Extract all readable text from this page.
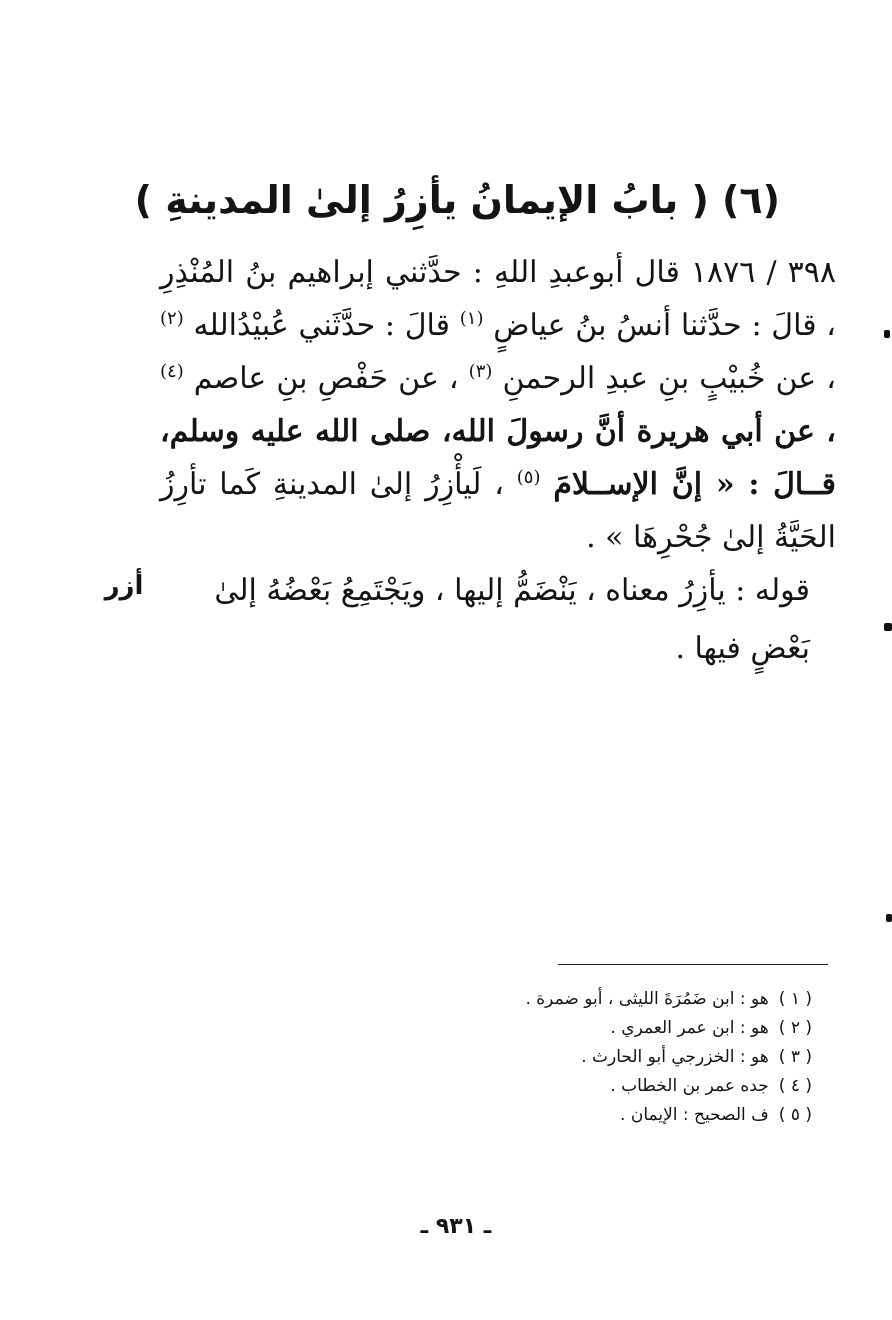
(٦) ( بابُ الإيمانُ يأزِرُ إلىٰ المدينةِ )

٣٩٨ / ١٨٧٦ قال أبوعبدِ اللهِ : حدَّثني إبراهيم بنُ المُنْذِرِ ، قالَ : حدَّثنا أنسُ بنُ عياضٍ $^{(١)}$ قالَ : حدَّثَني عُبيْدُالله $^{(٢)}$ ، عن خُبيْبٍ بنِ عبدِ الرحمنِ $^{(٣)}$ ، عن حَفْصِ بنِ عاصم $^{(٤)}$ ، عن أبي هريرة أنَّ رسولَ الله، صلى الله عليه وسلم، قــالَ : « إنَّ الإســلامَ $^{(٥)}$ ، لَيأْزِرُ إلىٰ المدينةِ كَما تأرِزُ الحَيَّةُ إلىٰ جُحْرِهَا » .

قوله : يأزِرُ معناه ، يَنْضَمُّ إليها ، ويَجْتَمِعُ بَعْضُهُ إلىٰ

بَعْضٍ فيها .

أزر
( ١ )هو : ابن ضَمُرَةَ الليثى ، أبو ضمرة .
( ٢ )هو : ابن عمر العمري .
( ٣ )هو : الخزرجي أبو الحارث .
( ٤ )جده عمر بن الخطاب .
( ٥ )ف الصحيح : الإيمان .
ـ ٩٣١ ـ
